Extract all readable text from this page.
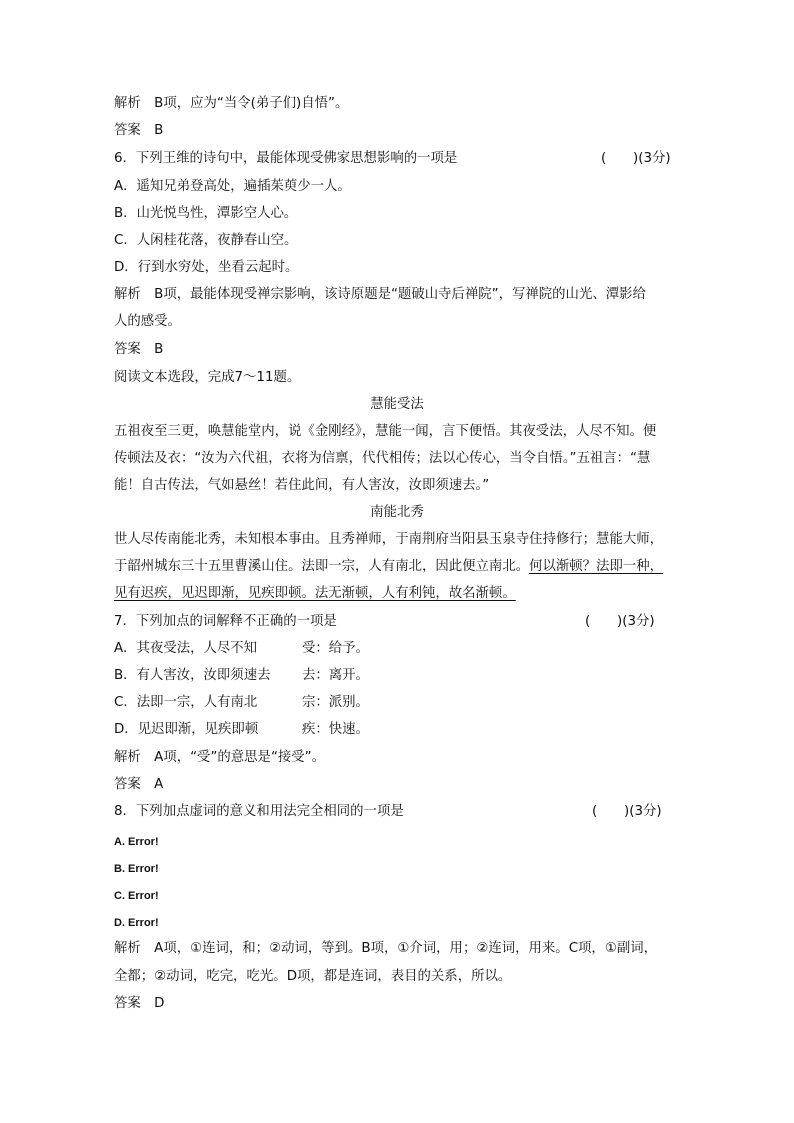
解析　B项，应为“当令(弟子们)自悟”。
答案　B
6．下列王维的诗句中，最能体现受佛家思想影响的一项是	(　　)(3分)
A．遥知兄弟登高处，遍插茱萸少一人。
B．山光悦鸟性，潭影空人心。
C．人闲桂花落，夜静春山空。
D．行到水穷处，坐看云起时。
解析　B项，最能体现受禅宗影响，该诗原题是“题破山寺后禅院”，写禅院的山光、潭影给
人的感受。
答案　B
阅读文本选段，完成7～11题。
慧能受法
五祖夜至三更，唤慧能堂内，说《金刚经》，慧能一闻，言下便悟。其夜受法，人尽不知。便
传顿法及衣：“汝为六代祖，衣将为信禀，代代相传；法以心传心，当令自悟。”五祖言：“慧
能！自古传法，气如悬丝！若住此间，有人害汝，汝即须速去。”
南能北秀
世人尽传南能北秀，未知根本事由。且秀禅师，于南荆府当阳县玉泉寺住持修行；慧能大师，
于韶州城东三十五里曹溪山住。法即一宗，人有南北，因此便立南北。何以渐顿？法即一种，
见有迟疾，见迟即渐，见疾即顿。法无渐顿，人有利钝，故名渐顿。
7．下列加点的词解释不正确的一项是	(　　)(3分)
A．其夜受法，人尽不知	受：给予。
B．有人害汝，汝即须速去 去：离开。
C．法即一宗，人有南北	宗：派别。
D．见迟即渐，见疾即顿	疾：快速。
解析　A项，“受”的意思是“接受”。
答案　A
8．下列加点虚词的意义和用法完全相同的一项是	(　　)(3分)
A. Error!
B. Error!
C. Error!
D. Error!
解析　A项，①连词，和；②动词，等到。B项，①介词，用；②连词，用来。C项，①副词，
全都；②动词，吃完，吃光。D项，都是连词，表目的关系，所以。
答案　D
